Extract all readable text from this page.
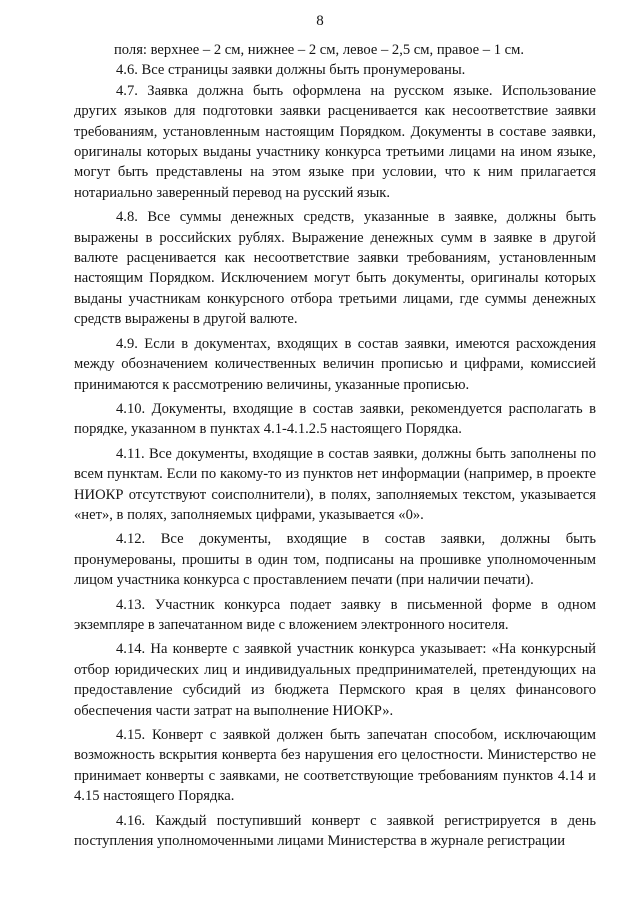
8

поля: верхнее – 2 см, нижнее – 2 см, левое – 2,5 см, правое – 1 см.

4.6. Все страницы заявки должны быть пронумерованы.

4.7. Заявка должна быть оформлена на русском языке. Использование других языков для подготовки заявки расценивается как несоответствие заявки требованиям, установленным настоящим Порядком. Документы в составе заявки, оригиналы которых выданы участнику конкурса третьими лицами на ином языке, могут быть представлены на этом языке при условии, что к ним прилагается нотариально заверенный перевод на русский язык.

4.8. Все суммы денежных средств, указанные в заявке, должны быть выражены в российских рублях. Выражение денежных сумм в заявке в другой валюте расценивается как несоответствие заявки требованиям, установленным настоящим Порядком. Исключением могут быть документы, оригиналы которых выданы участникам конкурсного отбора третьими лицами, где суммы денежных средств выражены в другой валюте.

4.9. Если в документах, входящих в состав заявки, имеются расхождения между обозначением количественных величин прописью и цифрами, комиссией принимаются к рассмотрению величины, указанные прописью.

4.10. Документы, входящие в состав заявки, рекомендуется располагать в порядке, указанном в пунктах 4.1-4.1.2.5 настоящего Порядка.

4.11. Все документы, входящие в состав заявки, должны быть заполнены по всем пунктам. Если по какому-то из пунктов нет информации (например, в проекте НИОКР отсутствуют соисполнители), в полях, заполняемых текстом, указывается «нет», в полях, заполняемых цифрами, указывается «0».

4.12. Все документы, входящие в состав заявки, должны быть пронумерованы, прошиты в один том, подписаны на прошивке уполномоченным лицом участника конкурса с проставлением печати (при наличии печати).

4.13. Участник конкурса подает заявку в письменной форме в одном экземпляре в запечатанном виде с вложением электронного носителя.

4.14. На конверте с заявкой участник конкурса указывает: «На конкурсный отбор юридических лиц и индивидуальных предпринимателей, претендующих на предоставление субсидий из бюджета Пермского края в целях финансового обеспечения части затрат на выполнение НИОКР».

4.15. Конверт с заявкой должен быть запечатан способом, исключающим возможность вскрытия конверта без нарушения его целостности. Министерство не принимает конверты с заявками, не соответствующие требованиям пунктов 4.14 и 4.15 настоящего Порядка.

4.16. Каждый поступивший конверт с заявкой регистрируется в день поступления уполномоченными лицами Министерства в журнале регистрации
